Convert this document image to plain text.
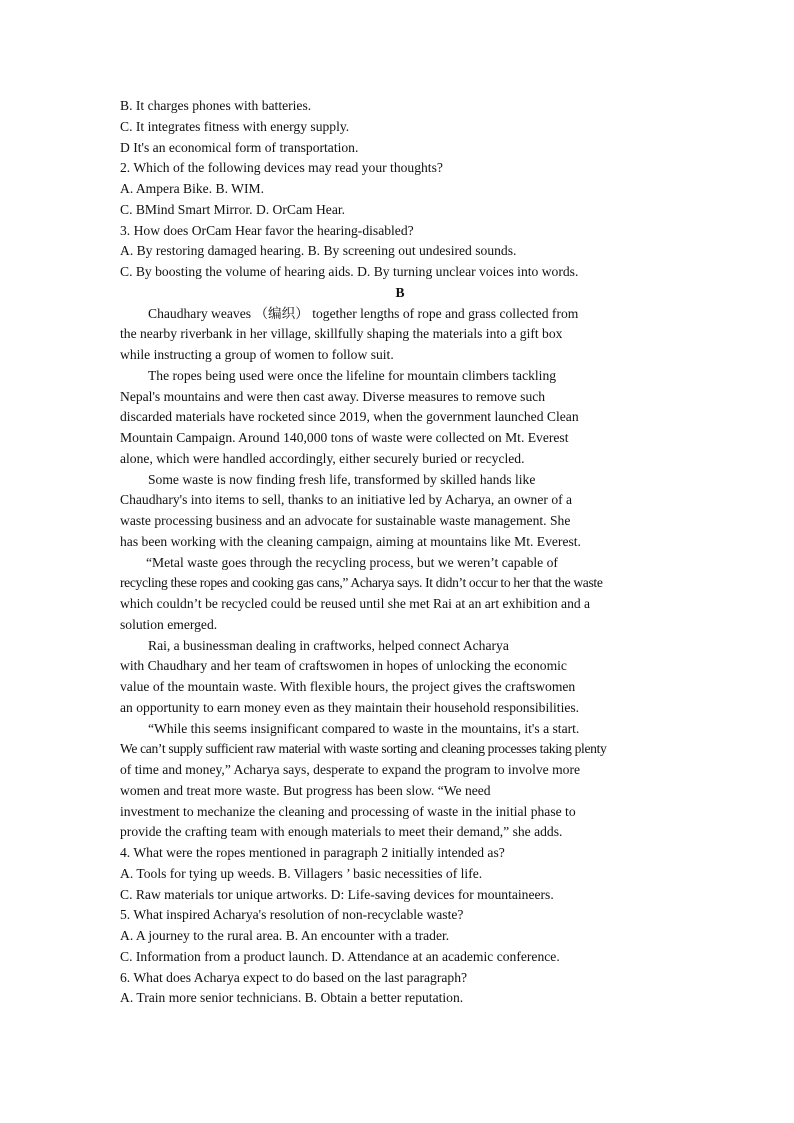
B. It charges phones with batteries.
C. It integrates fitness with energy supply.
D It's an economical form of transportation.
2. Which of the following devices may read your thoughts?
A. Ampera Bike. B. WIM.
C. BMind Smart Mirror. D. OrCam Hear.
3. How does OrCam Hear favor the hearing-disabled?
A. By restoring damaged hearing. B. By screening out undesired sounds.
C. By boosting the volume of hearing aids. D. By turning unclear voices into words.
B
Chaudhary weaves （编织） together lengths of rope and grass collected from
the nearby riverbank in her village, skillfully shaping the materials into a gift box
while instructing a group of women to follow suit.
The ropes being used were once the lifeline for mountain climbers tackling
Nepal's mountains and were then cast away. Diverse measures to remove such
discarded materials have rocketed since 2019, when the government launched Clean
Mountain Campaign. Around 140,000 tons of waste were collected on Mt. Everest
alone, which were handled accordingly, either securely buried or recycled.
Some waste is now finding fresh life, transformed by skilled hands like
Chaudhary's into items to sell, thanks to an initiative led by Acharya, an owner of a
waste processing business and an advocate for sustainable waste management. She
has been working with the cleaning campaign, aiming at mountains like Mt. Everest.
“Metal waste goes through the recycling process, but we weren’t capable of
recycling these ropes and cooking gas cans,” Acharya says. It didn’t occur to her that the waste
which couldn’t be recycled could be reused until she met Rai at an art exhibition and a
solution emerged.
Rai, a businessman dealing in craftworks, helped connect Acharya
with Chaudhary and her team of craftswomen in hopes of unlocking the economic
value of the mountain waste. With flexible hours, the project gives the craftswomen
an opportunity to earn money even as they maintain their household responsibilities.
“While this seems insignificant compared to waste in the mountains, it's a start.
We can’t supply sufficient raw material with waste sorting and cleaning processes taking plenty
of time and money,” Acharya says, desperate to expand the program to involve more
women and treat more waste. But progress has been slow. “We need
investment to mechanize the cleaning and processing of waste in the initial phase to
provide the crafting team with enough materials to meet their demand,” she adds.
4. What were the ropes mentioned in paragraph 2 initially intended as?
A. Tools for tying up weeds. B. Villagers ’ basic necessities of life.
C. Raw materials tor unique artworks. D: Life-saving devices for mountaineers.
5. What inspired Acharya's resolution of non-recyclable waste?
A. A journey to the rural area. B. An encounter with a trader.
C. Information from a product launch. D. Attendance at an academic conference.
6. What does Acharya expect to do based on the last paragraph?
A. Train more senior technicians. B. Obtain a better reputation.
